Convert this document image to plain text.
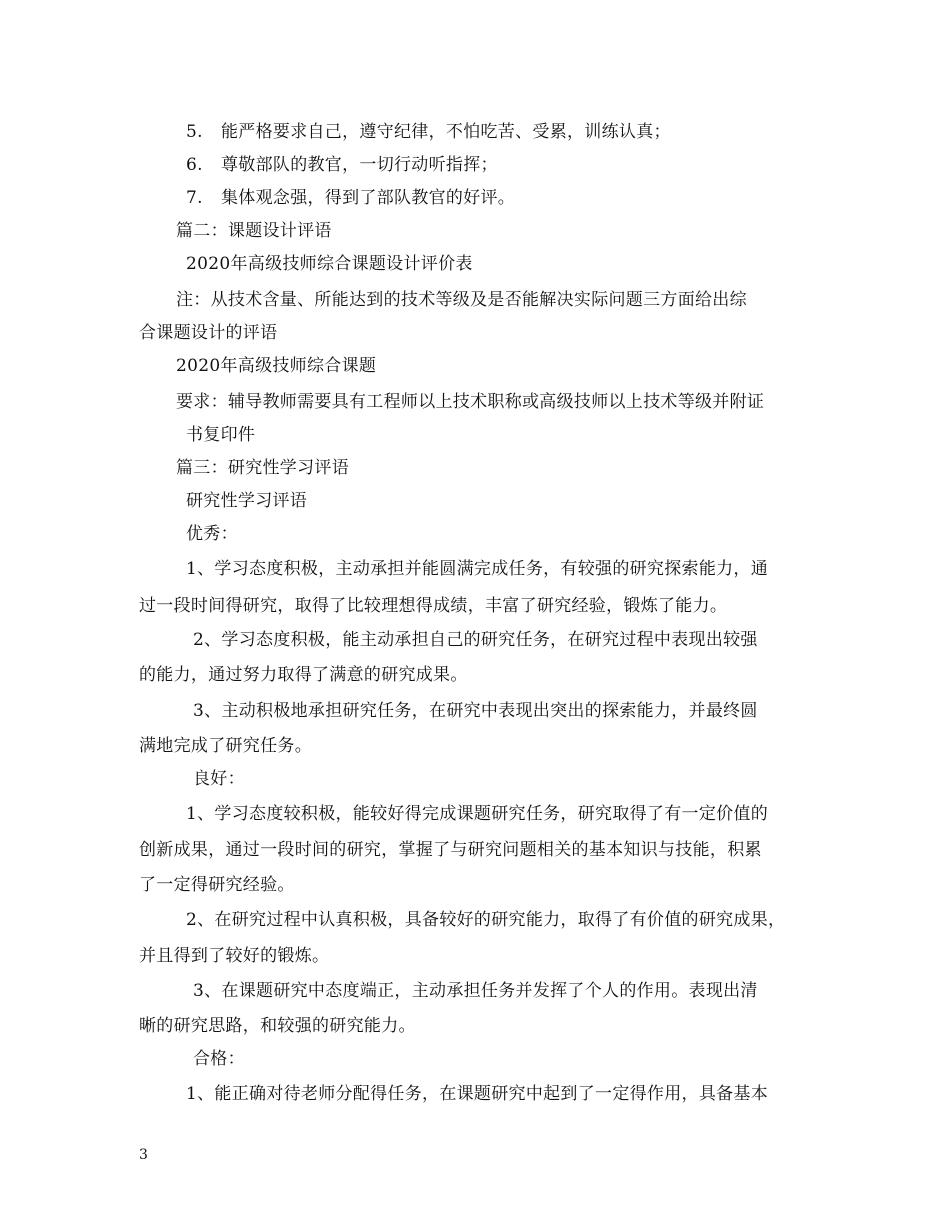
5. 能严格要求自己，遵守纪律，不怕吃苦、受累，训练认真；
6. 尊敬部队的教官，一切行动听指挥；
7. 集体观念强，得到了部队教官的好评。
篇二：课题设计评语
2020年高级技师综合课题设计评价表
注：从技术含量、所能达到的技术等级及是否能解决实际问题三方面给出综
合课题设计的评语
2020年高级技师综合课题
要求：辅导教师需要具有工程师以上技术职称或高级技师以上技术等级并附证
书复印件
篇三：研究性学习评语
研究性学习评语
优秀：
1、学习态度积极，主动承担并能圆满完成任务，有较强的研究探索能力，通
过一段时间得研究，取得了比较理想得成绩，丰富了研究经验，锻炼了能力。
2、学习态度积极，能主动承担自己的研究任务，在研究过程中表现出较强
的能力，通过努力取得了满意的研究成果。
3、主动积极地承担研究任务，在研究中表现出突出的探索能力，并最终圆
满地完成了研究任务。
良好：
1、学习态度较积极，能较好得完成课题研究任务，研究取得了有一定价值的
创新成果，通过一段时间的研究，掌握了与研究问题相关的基本知识与技能，积累
了一定得研究经验。
2、在研究过程中认真积极，具备较好的研究能力，取得了有价值的研究成果，
并且得到了较好的锻炼。
3、在课题研究中态度端正，主动承担任务并发挥了个人的作用。表现出清
晰的研究思路，和较强的研究能力。
合格：
1、能正确对待老师分配得任务，在课题研究中起到了一定得作用，具备基本
3
